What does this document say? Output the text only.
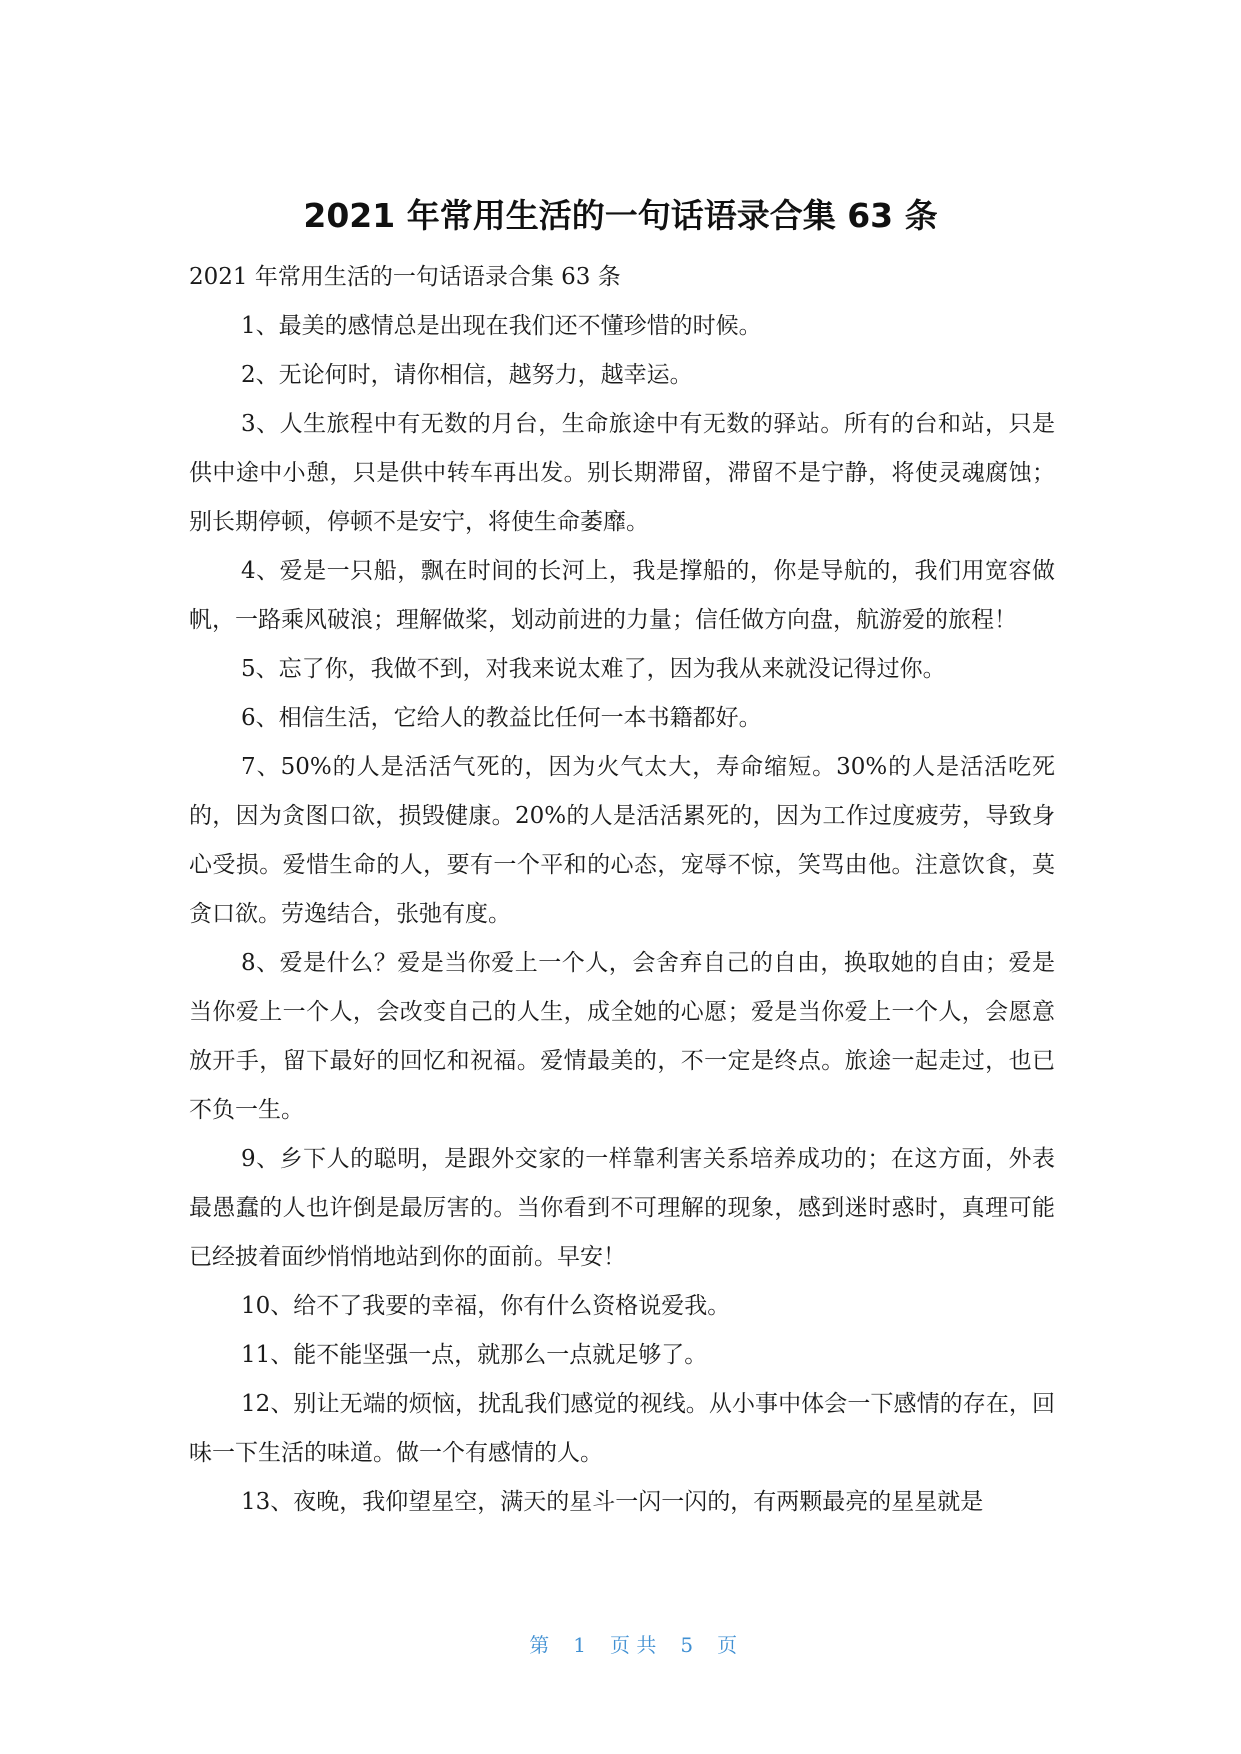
2021 年常用生活的一句话语录合集 63 条

2021 年常用生活的一句话语录合集 63 条

1、最美的感情总是出现在我们还不懂珍惜的时候。

2、无论何时，请你相信，越努力，越幸运。

3、人生旅程中有无数的月台，生命旅途中有无数的驿站。所有的台和站，只是供中途中小憩，只是供中转车再出发。别长期滞留，滞留不是宁静，将使灵魂腐蚀；别长期停顿，停顿不是安宁，将使生命萎靡。

4、爱是一只船，飘在时间的长河上，我是撑船的，你是导航的，我们用宽容做帆，一路乘风破浪；理解做桨，划动前进的力量；信任做方向盘，航游爱的旅程！

5、忘了你，我做不到，对我来说太难了，因为我从来就没记得过你。

6、相信生活，它给人的教益比任何一本书籍都好。

7、50%的人是活活气死的，因为火气太大，寿命缩短。30%的人是活活吃死的，因为贪图口欲，损毁健康。20%的人是活活累死的，因为工作过度疲劳，导致身心受损。爱惜生命的人，要有一个平和的心态，宠辱不惊，笑骂由他。注意饮食，莫贪口欲。劳逸结合，张弛有度。

8、爱是什么？爱是当你爱上一个人，会舍弃自己的自由，换取她的自由；爱是当你爱上一个人，会改变自己的人生，成全她的心愿；爱是当你爱上一个人，会愿意放开手，留下最好的回忆和祝福。爱情最美的，不一定是终点。旅途一起走过，也已不负一生。

9、乡下人的聪明，是跟外交家的一样靠利害关系培养成功的；在这方面，外表最愚蠢的人也许倒是最厉害的。当你看到不可理解的现象，感到迷时惑时，真理可能已经披着面纱悄悄地站到你的面前。早安！

10、给不了我要的幸福，你有什么资格说爱我。

11、能不能坚强一点，就那么一点就足够了。

12、别让无端的烦恼，扰乱我们感觉的视线。从小事中体会一下感情的存在，回味一下生活的味道。做一个有感情的人。

13、夜晚，我仰望星空，满天的星斗一闪一闪的，有两颗最亮的星星就是

第 1 页 共 5 页
